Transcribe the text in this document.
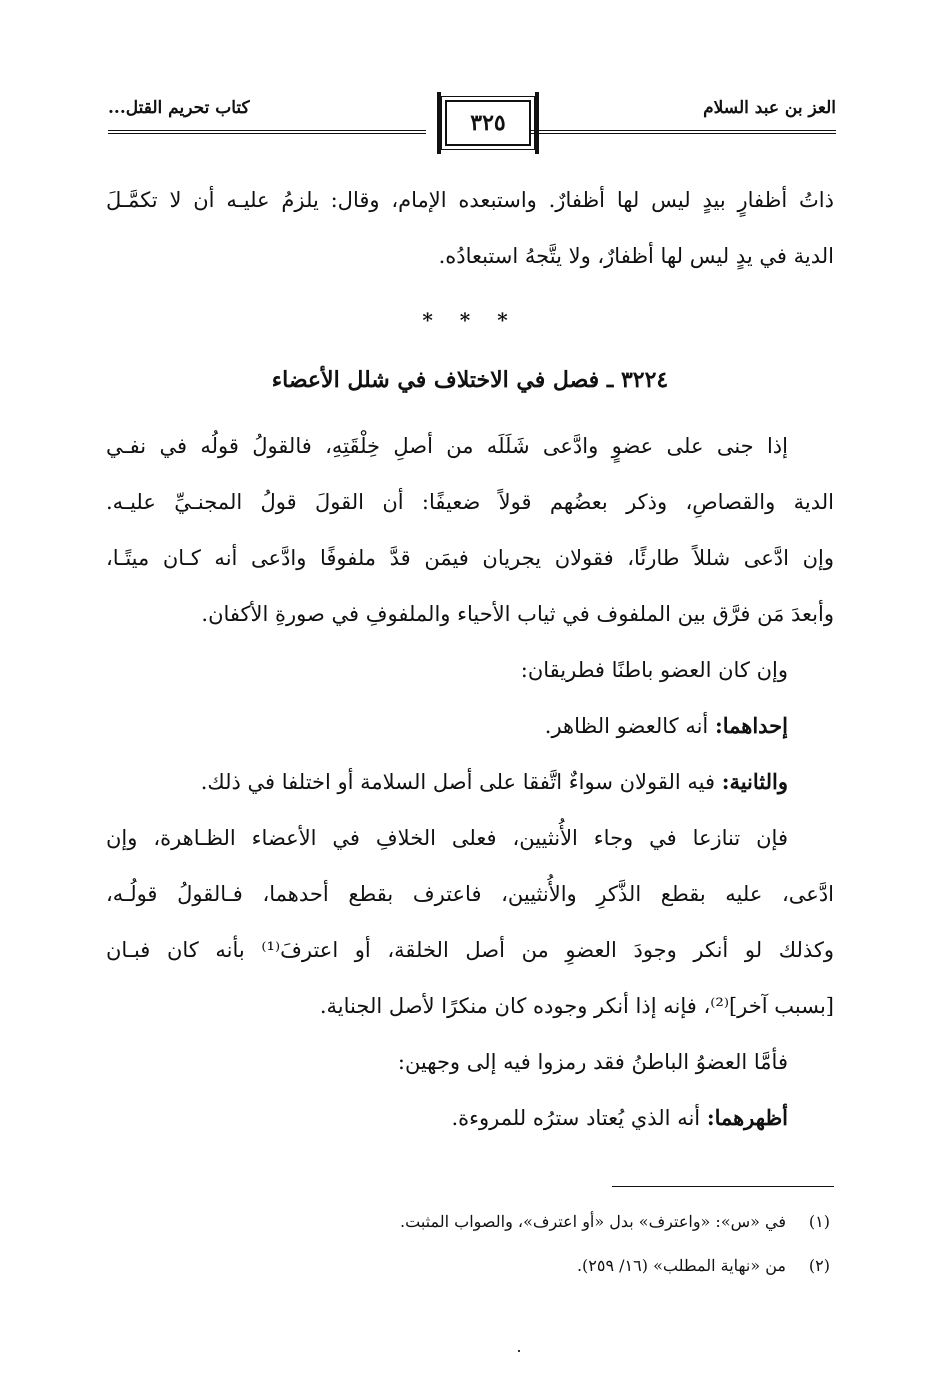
العز بن عبد السلام
٣٢٥
كتاب تحريم القتل...
ذاتُ أظفارٍ بيدٍ ليس لها أظفارٌ. واستبعده الإمام، وقال: يلزمُ عليـه أن لا تكمَّـلَ
الدية في يدٍ ليس لها أظفارٌ، ولا يتَّجهُ استبعادُه.
* * *
٣٢٢٤ ـ فصل في الاختلاف في شلل الأعضاء
إذا جنى على عضوٍ وادَّعى شَلَلَه من أصلِ خِلْقَتِهِ، فالقولُ قولُه في نفـي
الدية والقصاصِ، وذكر بعضُهم قولاً ضعيفًا: أن القولَ قولُ المجنـيِّ عليـه.
وإن ادَّعى شللاً طارئًا، فقولان يجريان فيمَن قدَّ ملفوفًا وادَّعى أنه كـان ميتًـا،
وأبعدَ مَن فرَّق بين الملفوف في ثياب الأحياء والملفوفِ في صورةِ الأكفان.
وإن كان العضو باطنًا فطريقان:
إحداهما: أنه كالعضو الظاهر.
والثانية: فيه القولان سواءٌ اتَّفقا على أصل السلامة أو اختلفا في ذلك.
فإن تنازعا في وجاء الأُنثيين، فعلى الخلافِ في الأعضاء الظـاهرة، وإن
ادَّعى، عليه بقطع الذَّكرِ والأُنثيين، فاعترف بقطع أحدهما، فـالقولُ قولُـه،
وكذلك لو أنكر وجودَ العضوِ من أصل الخلقة، أو اعترفَ⁽¹⁾ بأنه كان فبـان
[بسبب آخر]⁽²⁾، فإنه إذا أنكر وجوده كان منكرًا لأصل الجناية.
فأمَّا العضوُ الباطنُ فقد رمزوا فيه إلى وجهين:
أظهرهما: أنه الذي يُعتاد سترُه للمروءة.
(١)في «س»: «واعترف» بدل «أو اعترف»، والصواب المثبت.
(٢)من «نهاية المطلب» (١٦/ ٢٥٩).
